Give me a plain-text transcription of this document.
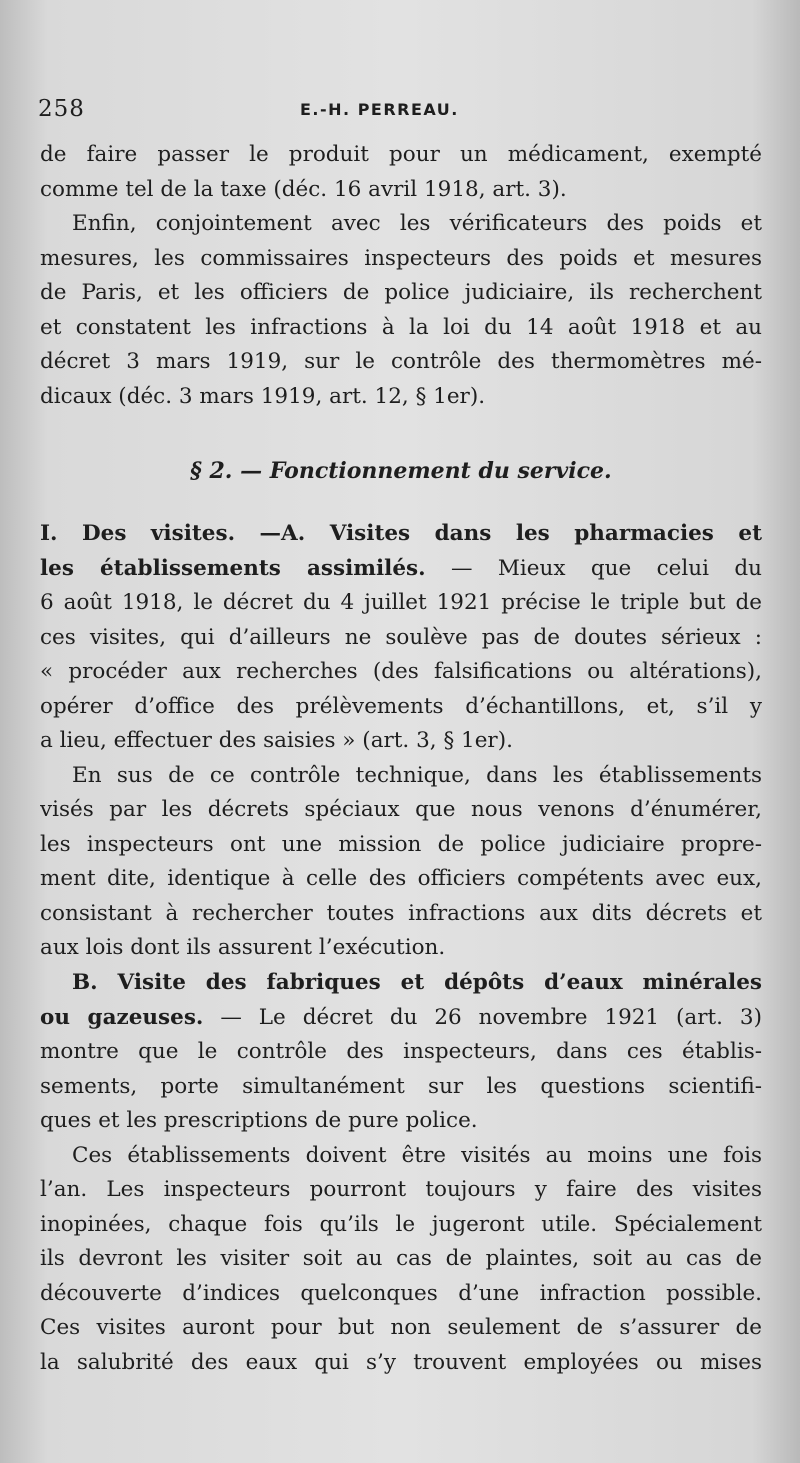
258	E.-H. PERREAU.
de faire passer le produit pour un médicament, exempté
comme tel de la taxe (déc. 16 avril 1918, art. 3).
Enfin, conjointement avec les vérificateurs des poids et
mesures, les commissaires inspecteurs des poids et mesures
de Paris, et les officiers de police judiciaire, ils recherchent
et constatent les infractions à la loi du 14 août 1918 et au
décret 3 mars 1919, sur le contrôle des thermomètres mé-
dicaux (déc. 3 mars 1919, art. 12, § 1er).
§ 2. — Fonctionnement du service.
I. Des visites. —A. Visites dans les pharmacies et
les établissements assimilés. — Mieux que celui du
6 août 1918, le décret du 4 juillet 1921 précise le triple but de
ces visites, qui d’ailleurs ne soulève pas de doutes sérieux :
« procéder aux recherches (des falsifications ou altérations),
opérer d’office des prélèvements d’échantillons, et, s’il y
a lieu, effectuer des saisies » (art. 3, § 1er).
En sus de ce contrôle technique, dans les établissements
visés par les décrets spéciaux que nous venons d’énumérer,
les inspecteurs ont une mission de police judiciaire propre-
ment dite, identique à celle des officiers compétents avec eux,
consistant à rechercher toutes infractions aux dits décrets et
aux lois dont ils assurent l’exécution.
B. Visite des fabriques et dépôts d’eaux minérales
ou gazeuses. — Le décret du 26 novembre 1921 (art. 3)
montre que le contrôle des inspecteurs, dans ces établis-
sements, porte simultanément sur les questions scientifi-
ques et les prescriptions de pure police.
Ces établissements doivent être visités au moins une fois
l’an. Les inspecteurs pourront toujours y faire des visites
inopinées, chaque fois qu’ils le jugeront utile. Spécialement
ils devront les visiter soit au cas de plaintes, soit au cas de
découverte d’indices quelconques d’une infraction possible.
Ces visites auront pour but non seulement de s’assurer de
la salubrité des eaux qui s’y trouvent employées ou mises
